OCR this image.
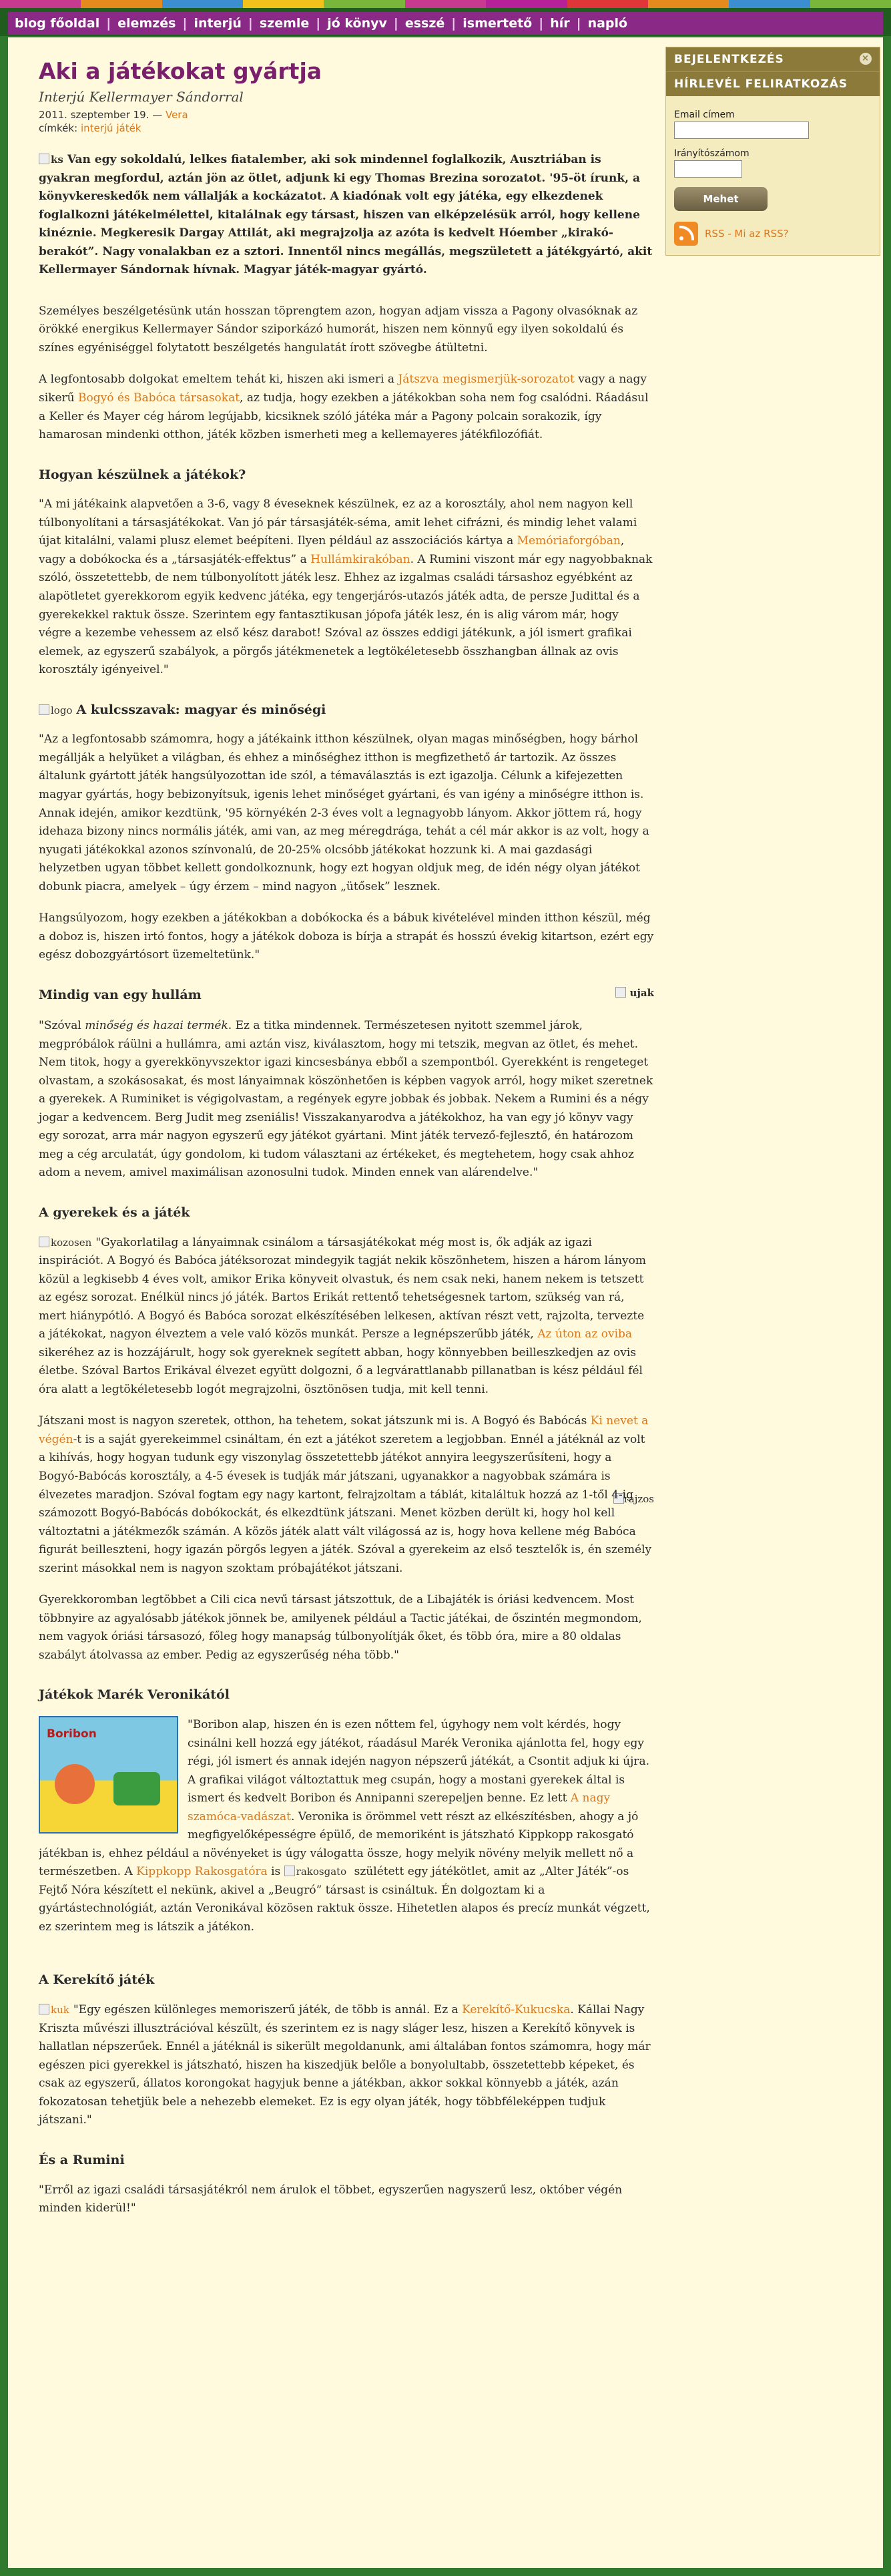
blog főoldal | elemzés | interjú | szemle | jó könyv | esszé | ismertető | hír | napló
Aki a játékokat gyártja
Interjú Kellermayer Sándorral
2011. szeptember 19. — Vera
címkék: interjú játék

ks Van egy sokoldalú, lelkes fiatalember, aki sok mindennel foglalkozik, Ausztriában is gyakran megfordul, aztán jön az ötlet, adjunk ki egy Thomas Brezina sorozatot. '95-öt írunk, a könyvkereskedők nem vállalják a kockázatot. A kiadónak volt egy játéka, egy elkezdenek foglalkozni játékelmélettel, kitalálnak egy társast, hiszen van elképzelésük arról, hogy kellene kinéznie. Megkeresik Dargay Attilát, aki megrajzolja az azóta is kedvelt Hóember „kirakó-berakót”. Nagy vonalakban ez a sztori. Innentől nincs megállás, megszületett a játékgyártó, akit Kellermayer Sándornak hívnak. Magyar játék-magyar gyártó.

Személyes beszélgetésünk után hosszan töprengtem azon, hogyan adjam vissza a Pagony olvasóknak az örökké energikus Kellermayer Sándor sziporkázó humorát, hiszen nem könnyű egy ilyen sokoldalú és színes egyéniséggel folytatott beszélgetés hangulatát írott szövegbe átültetni.

A legfontosabb dolgokat emeltem tehát ki, hiszen aki ismeri a Játszva megismerjük-sorozatot vagy a nagy sikerű Bogyó és Babóca társasokat, az tudja, hogy ezekben a játékokban soha nem fog csalódni. Ráadásul a Keller és Mayer cég három legújabb, kicsiknek szóló játéka már a Pagony polcain sorakozik, így hamarosan mindenki otthon, játék közben ismerheti meg a kellemayeres játékfilozófiát.

Hogyan készülnek a játékok?

"A mi játékaink alapvetően a 3-6, vagy 8 éveseknek készülnek, ez az a korosztály, ahol nem nagyon kell túlbonyolítani a társasjátékokat. Van jó pár társasjáték-séma, amit lehet cifrázni, és mindig lehet valami újat kitalálni, valami plusz elemet beépíteni. Ilyen például az asszociációs kártya a Memóriaforgóban, vagy a dobókocka és a „társasjáték-effektus” a Hullámkirakóban. A Rumini viszont már egy nagyobbaknak szóló, összetettebb, de nem túlbonyolított játék lesz. Ehhez az izgalmas családi társashoz egyébként az alapötletet gyerekkorom egyik kedvenc játéka, egy tengerjárós-utazós játék adta, de persze Judittal és a gyerekekkel raktuk össze. Szerintem egy fantasztikusan jópofa játék lesz, én is alig várom már, hogy végre a kezembe vehessem az első kész darabot! Szóval az összes eddigi játékunk, a jól ismert grafikai elemek, az egyszerű szabályok, a pörgős játékmenetek a legtökéletesebb összhangban állnak az ovis korosztály igényeivel."

logo A kulcsszavak: magyar és minőségi

"Az a legfontosabb számomra, hogy a játékaink itthon készülnek, olyan magas minőségben, hogy bárhol megállják a helyüket a világban, és ehhez a minőséghez itthon is megfizethető ár tartozik. Az összes általunk gyártott játék hangsúlyozottan ide szól, a témaválasztás is ezt igazolja. Célunk a kifejezetten magyar gyártás, hogy bebizonyítsuk, igenis lehet minőséget gyártani, és van igény a minőségre itthon is. Annak idején, amikor kezdtünk, '95 környékén 2-3 éves volt a legnagyobb lányom. Akkor jöttem rá, hogy idehaza bizony nincs normális játék, ami van, az meg méregdrága, tehát a cél már akkor is az volt, hogy a nyugati játékokkal azonos színvonalú, de 20-25% olcsóbb játékokat hozzunk ki. A mai gazdasági helyzetben ugyan többet kellett gondolkoznunk, hogy ezt hogyan oldjuk meg, de idén négy olyan játékot dobunk piacra, amelyek – úgy érzem – mind nagyon „ütősek” lesznek.

Hangsúlyozom, hogy ezekben a játékokban a dobókocka és a bábuk kivételével minden itthon készül, még a doboz is, hiszen irtó fontos, hogy a játékok doboza is bírja a strapát és hosszú évekig kitartson, ezért egy egész dobozgyártósort üzemeltetünk."

ujak
Mindig van egy hullám

"Szóval minőség és hazai termék. Ez a titka mindennek. Természetesen nyitott szemmel járok, megpróbálok ráülni a hullámra, ami aztán visz, kiválasztom, hogy mi tetszik, megvan az ötlet, és mehet. Nem titok, hogy a gyerekkönyvszektor igazi kincsesbánya ebből a szempontból. Gyerekként is rengeteget olvastam, a szokásosakat, és most lányaimnak köszönhetően is képben vagyok arról, hogy miket szeretnek a gyerekek. A Ruminiket is végigolvastam, a regények egyre jobbak és jobbak. Nekem a Rumini és a négy jogar a kedvencem. Berg Judit meg zseniális! Visszakanyarodva a játékokhoz, ha van egy jó könyv vagy egy sorozat, arra már nagyon egyszerű egy játékot gyártani. Mint játék tervező-fejlesztő, én határozom meg a cég arculatát, úgy gondolom, ki tudom választani az értékeket, és megtehetem, hogy csak ahhoz adom a nevem, amivel maximálisan azonosulni tudok. Minden ennek van alárendelve."

A gyerekek és a játék

kozosen "Gyakorlatilag a lányaimnak csinálom a társasjátékokat még most is, ők adják az igazi inspirációt. A Bogyó és Babóca játéksorozat mindegyik tagját nekik köszönhetem, hiszen a három lányom közül a legkisebb 4 éves volt, amikor Erika könyveit olvastuk, és nem csak neki, hanem nekem is tetszett az egész sorozat. Enélkül nincs jó játék. Bartos Erikát rettentő tehetségesnek tartom, szükség van rá, mert hiánypótló. A Bogyó és Babóca sorozat elkészítésében lelkesen, aktívan részt vett, rajzolta, tervezte a játékokat, nagyon élveztem a vele való közös munkát. Persze a legnépszerűbb játék, Az úton az oviba sikeréhez az is hozzájárult, hogy sok gyereknek segített abban, hogy könnyebben beilleszkedjen az ovis életbe. Szóval Bartos Erikával élvezet együtt dolgozni, ő a legvárattlanabb pillanatban is kész például fél óra alatt a legtökéletesebb logót megrajzolni, ösztönösen tudja, mit kell tenni.

Játszani most is nagyon szeretek, otthon, ha tehetem, sokat játszunk mi is. A Bogyó és Babócás Ki nevet a végén-t is a saját gyerekeimmel csináltam, én ezt a játékot szeretem a legjobban. Ennél a játéknál az volt a kihívás, hogy hogyan tudunk egy viszonylag összetettebb játékot annyira leegyszerűsíteni, hogy a Bogyó-Babócás korosztály, a 4-5 évesek is tudják már játszani, ugyanakkor a nagyobbak számára is élvezetes maradjon. Szóval fogtam egy nagy kartont, felrajzoltam a táblát, kitaláltuk hozzá az 1-től 4-ig számozott Bogyó-Babócás dobókockát, és elkezdtünk játszani. Menet közben derült ki, hogy hol kell változtatni a játékmezők számán. A közös játék alatt vált világossá az is, hogy hova kellene még Babóca figurát beilleszteni, hogy igazán pörgős legyen a játék. Szóval a gyerekeim az első tesztelők is, én személy szerint másokkal nem is nagyon szoktam próbajátékot játszani.

rajzos
Gyerekkoromban legtöbbet a Cili cica nevű társast játszottuk, de a Libajáték is óriási kedvencem. Most többnyire az agyalósabb játékok jönnek be, amilyenek például a Tactic játékai, de őszintén megmondom, nem vagyok óriási társasozó, főleg hogy manapság túlbonyolítják őket, és több óra, mire a 80 oldalas szabályt átolvassa az ember. Pedig az egyszerűség néha több."

Játékok Marék Veronikától
Boribon

"Boribon alap, hiszen én is ezen nőttem fel, úgyhogy nem volt kérdés, hogy csinálni kell hozzá egy játékot, ráadásul Marék Veronika ajánlotta fel, hogy egy régi, jól ismert és annak idején nagyon népszerű játékát, a Csontit adjuk ki újra. A grafikai világot változtattuk meg csupán, hogy a mostani gyerekek által is ismert és kedvelt Boribon és Annipanni szerepeljen benne. Ez lett A nagy szamóca-vadászat. Veronika is örömmel vett részt az elkészítésben, ahogy a jó megfigyelőképességre épülő, de memoriként is játszható Kippkopp rakosgató játékban is, ehhez például a növényeket is úgy válogatta össze, hogy melyik növény melyik mellett nő a természetben. A Kippkopp Rakosgatóra is rakosgato szülétett egy játékötlet, amit az „Alter Játék”-os Fejtő Nóra készített el nekünk, akivel a „Beugró” társast is csináltuk. Én dolgoztam ki a gyártástechnológiát, aztán Veronikával közösen raktuk össze. Hihetetlen alapos és precíz munkát végzett, ez szerintem meg is látszik a játékon.

A Kerekítő játék

kuk "Egy egészen különleges memoriszerű játék, de több is annál. Ez a Kerekítő-Kukucska. Kállai Nagy Kriszta művészi illusztrációval készült, és szerintem ez is nagy sláger lesz, hiszen a Kerekítő könyvek is hallatlan népszerűek. Ennél a játéknál is sikerült megoldanunk, ami általában fontos számomra, hogy már egészen pici gyerekkel is játszható, hiszen ha kiszedjük belőle a bonyolultabb, összetettebb képeket, és csak az egyszerű, állatos korongokat hagyjuk benne a játékban, akkor sokkal könnyebb a játék, azán fokozatosan tehetjük bele a nehezebb elemeket. Ez is egy olyan játék, hogy többféleképpen tudjuk játszani."

És a Rumini

"Erről az igazi családi társasjátékról nem árulok el többet, egyszerűen nagyszerű lesz, október végén minden kiderül!"

BEJELENTKEZÉS	×
HÍRLEVÉL FELIRATKOZÁS
Email címem
Irányítószámom
Mehet
RSS - Mi az RSS?
